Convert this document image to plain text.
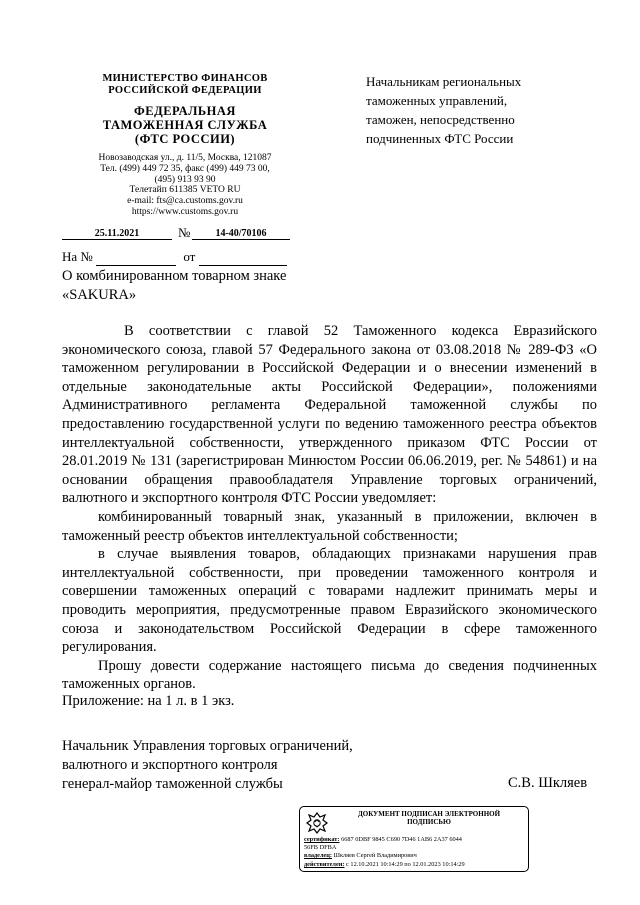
МИНИСТЕРСТВО ФИНАНСОВ
РОССИЙСКОЙ ФЕДЕРАЦИИ
ФЕДЕРАЛЬНАЯ
ТАМОЖЕННАЯ СЛУЖБА
(ФТС РОССИИ)
Новозаводская ул., д. 11/5, Москва, 121087
Тел. (499) 449 72 35, факс (499) 449 73 00,
(495) 913 93 90
Телетайп 611385 VETO RU
e-mail: fts@ca.customs.gov.ru
https://www.customs.gov.ru
Начальникам региональных
таможенных управлений,
таможен, непосредственно
подчиненных ФТС России
25.11.2021	№	14-40/70106
На №	от
О комбинированном товарном знаке
«SAKURA»

В соответствии с главой 52 Таможенного кодекса Евразийского экономического союза, главой 57 Федерального закона от 03.08.2018 № 289-ФЗ «О таможенном регулировании в Российской Федерации и о внесении изменений в отдельные законодательные акты Российской Федерации», положениями Административного регламента Федеральной таможенной службы по предоставлению государственной услуги по ведению таможенного реестра объектов интеллектуальной собственности, утвержденного приказом ФТС России от 28.01.2019 № 131 (зарегистрирован Минюстом России 06.06.2019, рег. № 54861) и на основании обращения правообладателя Управление торговых ограничений, валютного и экспортного контроля ФТС России уведомляет:

комбинированный товарный знак, указанный в приложении, включен в таможенный реестр объектов интеллектуальной собственности;

в случае выявления товаров, обладающих признаками нарушения прав интеллектуальной собственности, при проведении таможенного контроля и совершении таможенных операций с товарами надлежит принимать меры и проводить мероприятия, предусмотренные правом Евразийского экономического союза и законодательством Российской Федерации в сфере таможенного регулирования.

Прошу довести содержание настоящего письма до сведения подчиненных таможенных органов.

Приложение: на 1 л. в 1 экз.
Начальник Управления торговых ограничений,
валютного и экспортного контроля
генерал-майор таможенной службы	С.В. Шкляев
ДОКУМЕНТ ПОДПИСАН ЭЛЕКТРОННОЙ
ПОДПИСЬЮ
сертификат: 6687 0DBF 9845 C690 7D46 1AB6 2A37 6044
56FB DFBA
владелец: Шкляев Сергей Владимирович
действителен: с 12.10.2021 10:14:29 по 12.01.2023 10:14:29
